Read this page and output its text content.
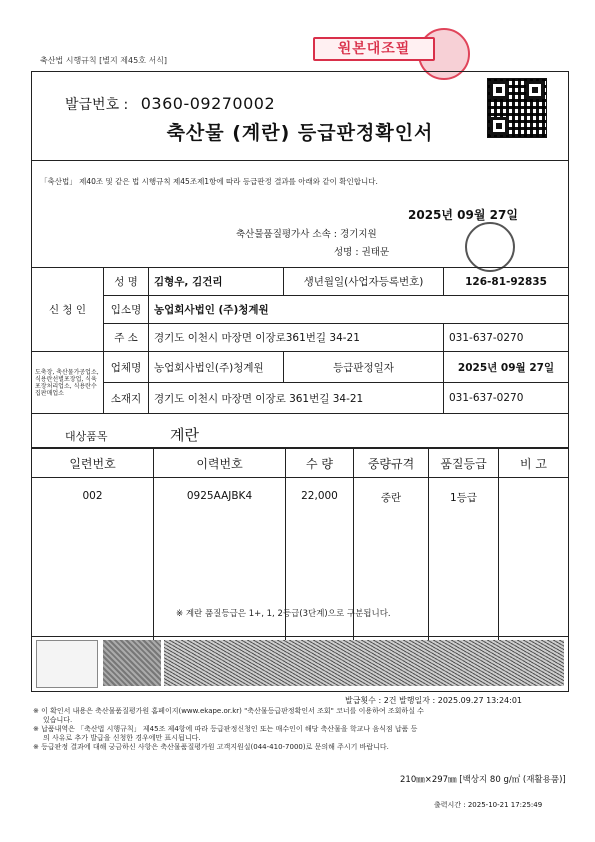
축산법 시행규칙 [별지 제45호 서식]
원본대조필
발급번호 : 0360-09270002
축산물 (계란) 등급판정확인서
「축산법」 제40조 및 같은 법 시행규칙 제45조제1항에 따라 등급판정 결과를 아래와 같이 확인합니다.
2025년 09월 27일
축산물품질평가사 소속 : 경기지원
성명 : 권태문
신 청 인	성 명	김형우, 김건리	생년월일(사업자등록번호)	126-81-92835
	입소명	농업회사법인 (주)청계원		
	주 소	경기도 이천시 마장면 이장로361번길 34-21		031-637-0270
도축장, 축산물가공업소, 식용란선별포장업, 식육포장처리업소, 식용란수집판매업소	업체명	농업회사법인(주)청계원	등급판정일자	2025년 09월 27일
	소재지	경기도 이천시 마장면 이장로 361번길 34-21		031-637-0270
대상품목	계란
일련번호	이력번호	수 량	중량규격	품질등급	비 고
002	0925AAJBK4	22,000	중란	1등급	
※ 계란 품질등급은 1+, 1, 2등급(3단계)으로 구분됩니다.
발급횟수 : 2건 발행일자 : 2025.09.27 13:24:01
※ 이 확인서 내용은 축산물품질평가원 홈페이지(www.ekape.or.kr) "축산물등급판정확인서 조회" 코너를 이용하여 조회하실 수
있습니다.
※ 납품내역은 「축산법 시행규칙」 제45조 제4항에 따라 등급판정신청인 또는 매수인이 해당 축산물을 학교나 음식점 납품 등
의 사유로 추가 발급을 신청한 경우에만 표시됩니다.
※ 등급판정 결과에 대해 궁금하신 사항은 축산물품질평가원 고객지원실(044-410-7000)로 문의해 주시기 바랍니다.
210㎜×297㎜ [백상지 80 g/㎡ (재활용품)]
출력시간 : 2025-10-21 17:25:49
